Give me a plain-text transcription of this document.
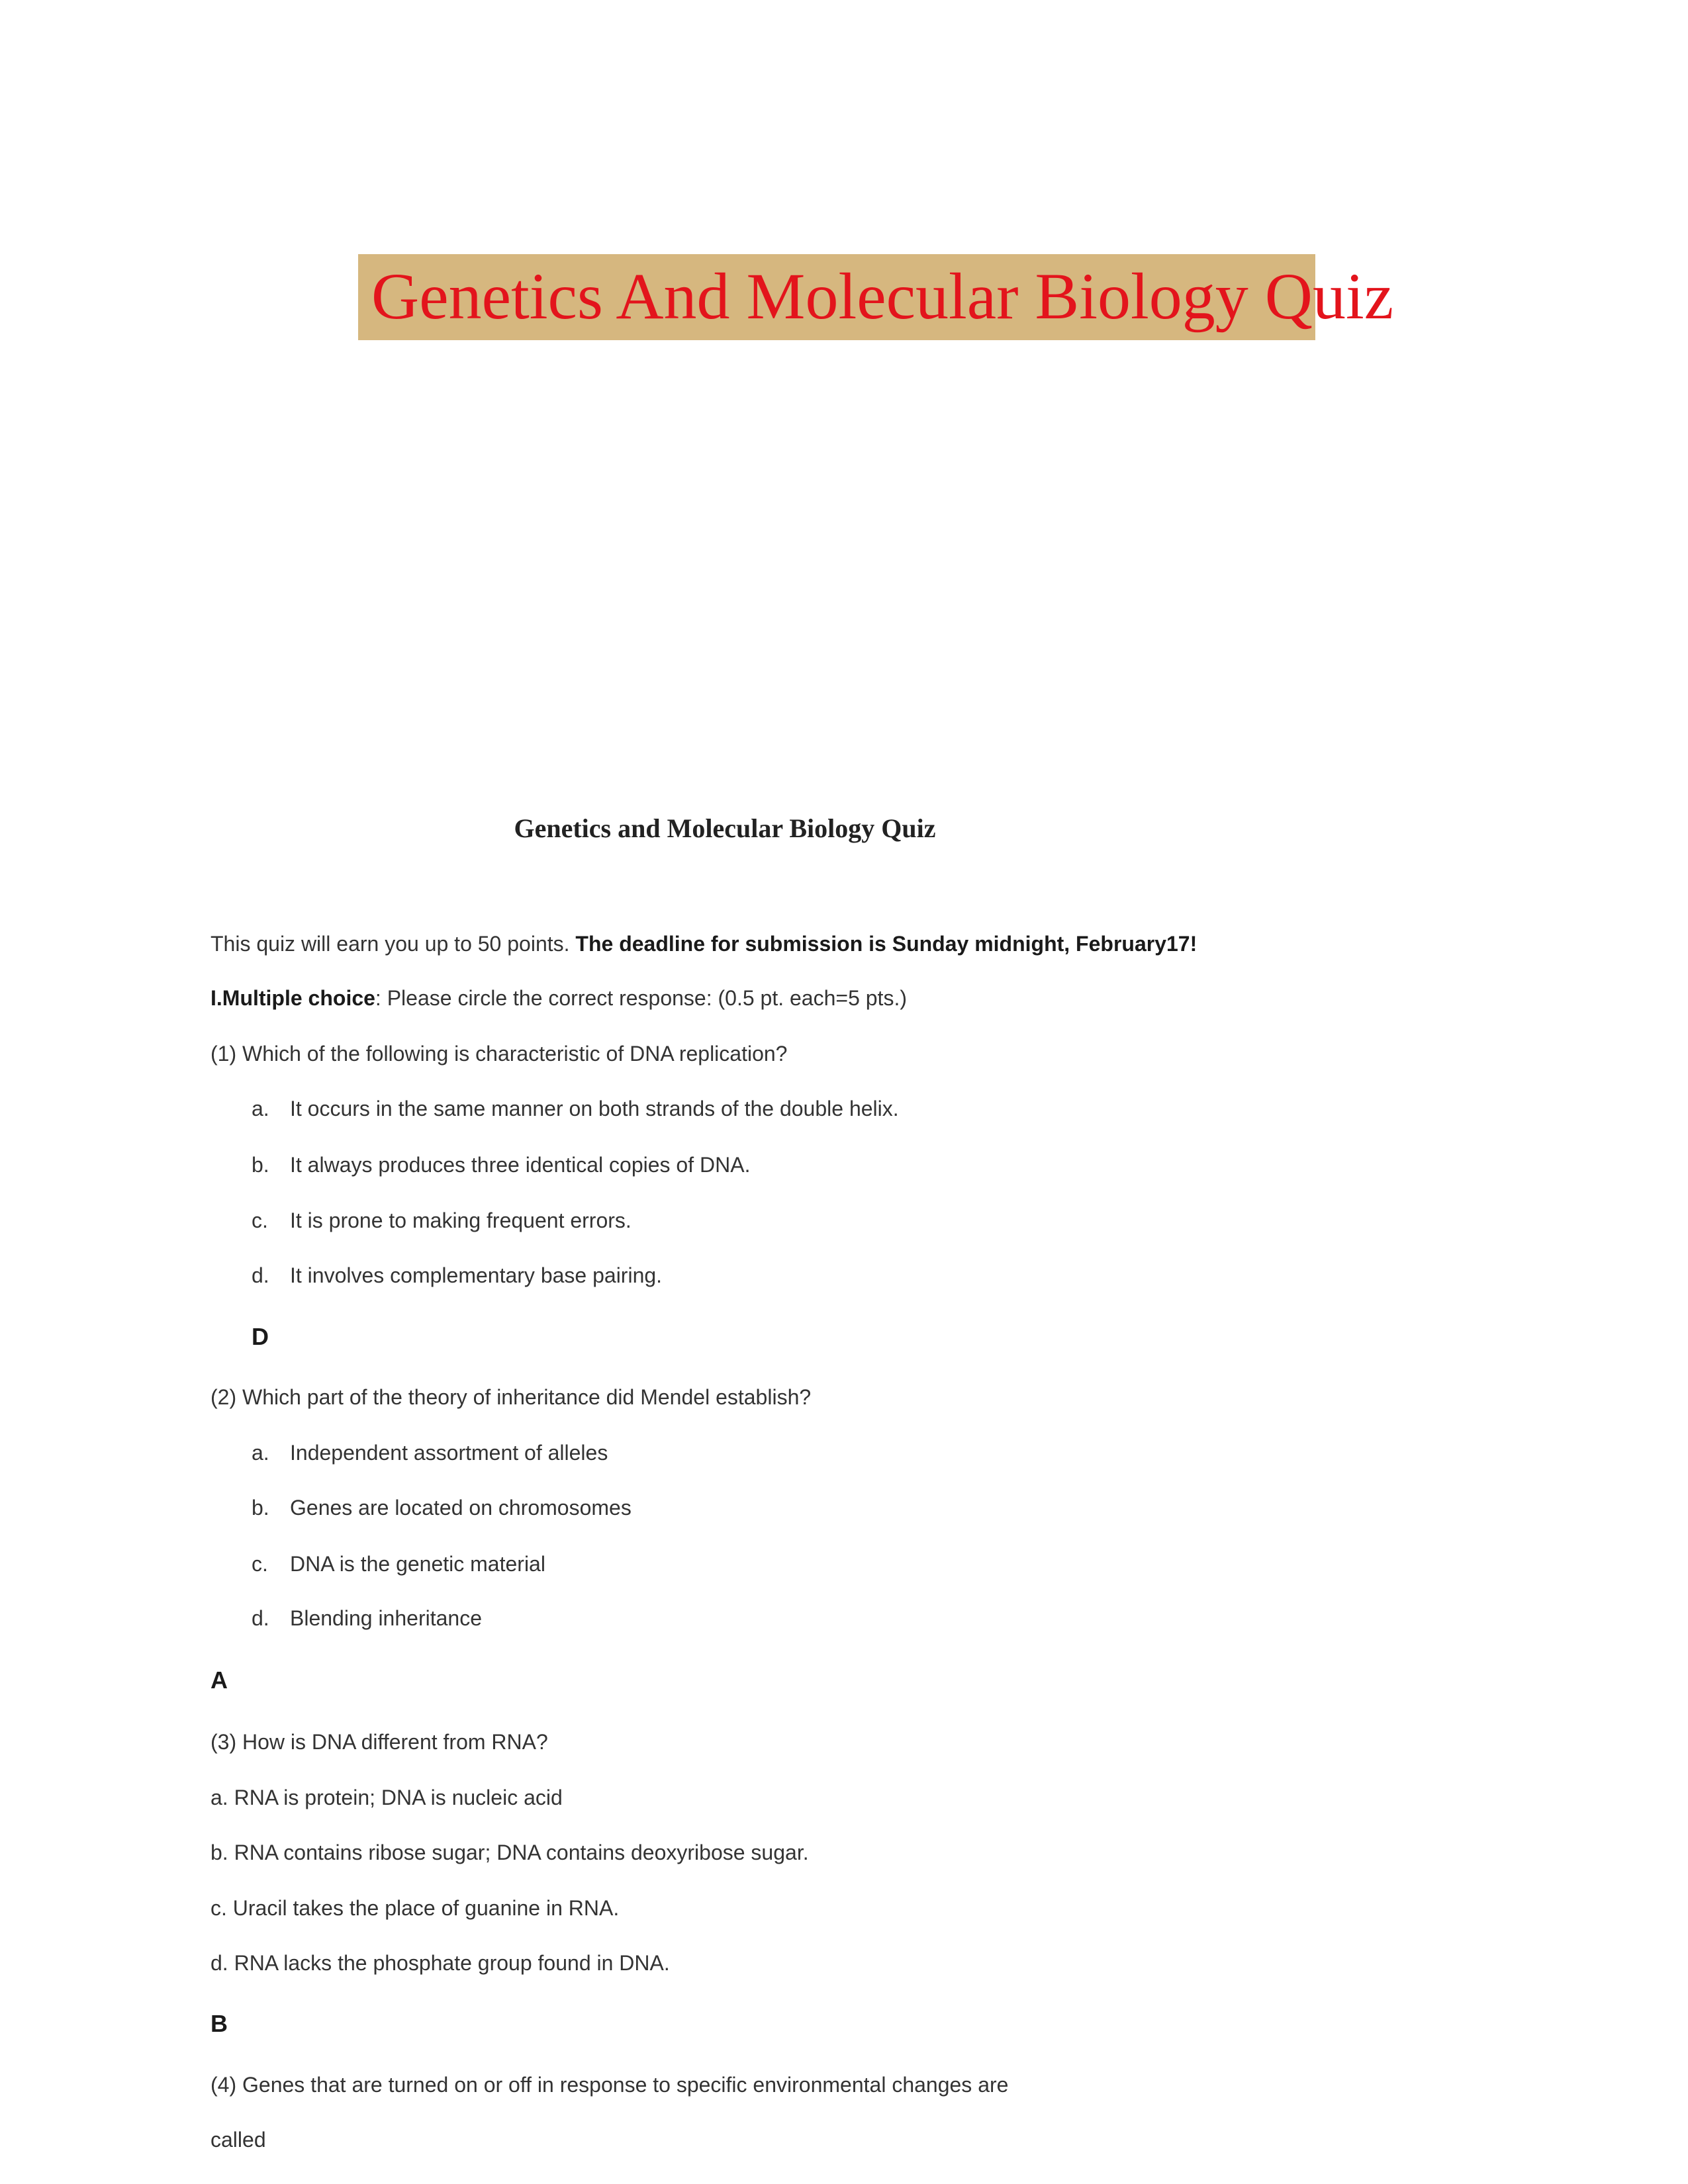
Genetics And Molecular Biology Quiz
Genetics and Molecular Biology Quiz
This quiz will earn you up to 50 points. The deadline for submission is Sunday midnight, February17!
I.Multiple choice: Please circle the correct response: (0.5 pt. each=5 pts.)
(1) Which of the following is characteristic of DNA replication?
a. It occurs in the same manner on both strands of the double helix.
b. It always produces three identical copies of DNA.
c. It is prone to making frequent errors.
d. It involves complementary base pairing.
D
(2) Which part of the theory of inheritance did Mendel establish?
a. Independent assortment of alleles
b. Genes are located on chromosomes
c. DNA is the genetic material
d. Blending inheritance
A
(3) How is DNA different from RNA?
a. RNA is protein; DNA is nucleic acid
b. RNA contains ribose sugar; DNA contains deoxyribose sugar.
c. Uracil takes the place of guanine in RNA.
d. RNA lacks the phosphate group found in DNA.
B
(4) Genes that are turned on or off in response to specific environmental changes are
called
